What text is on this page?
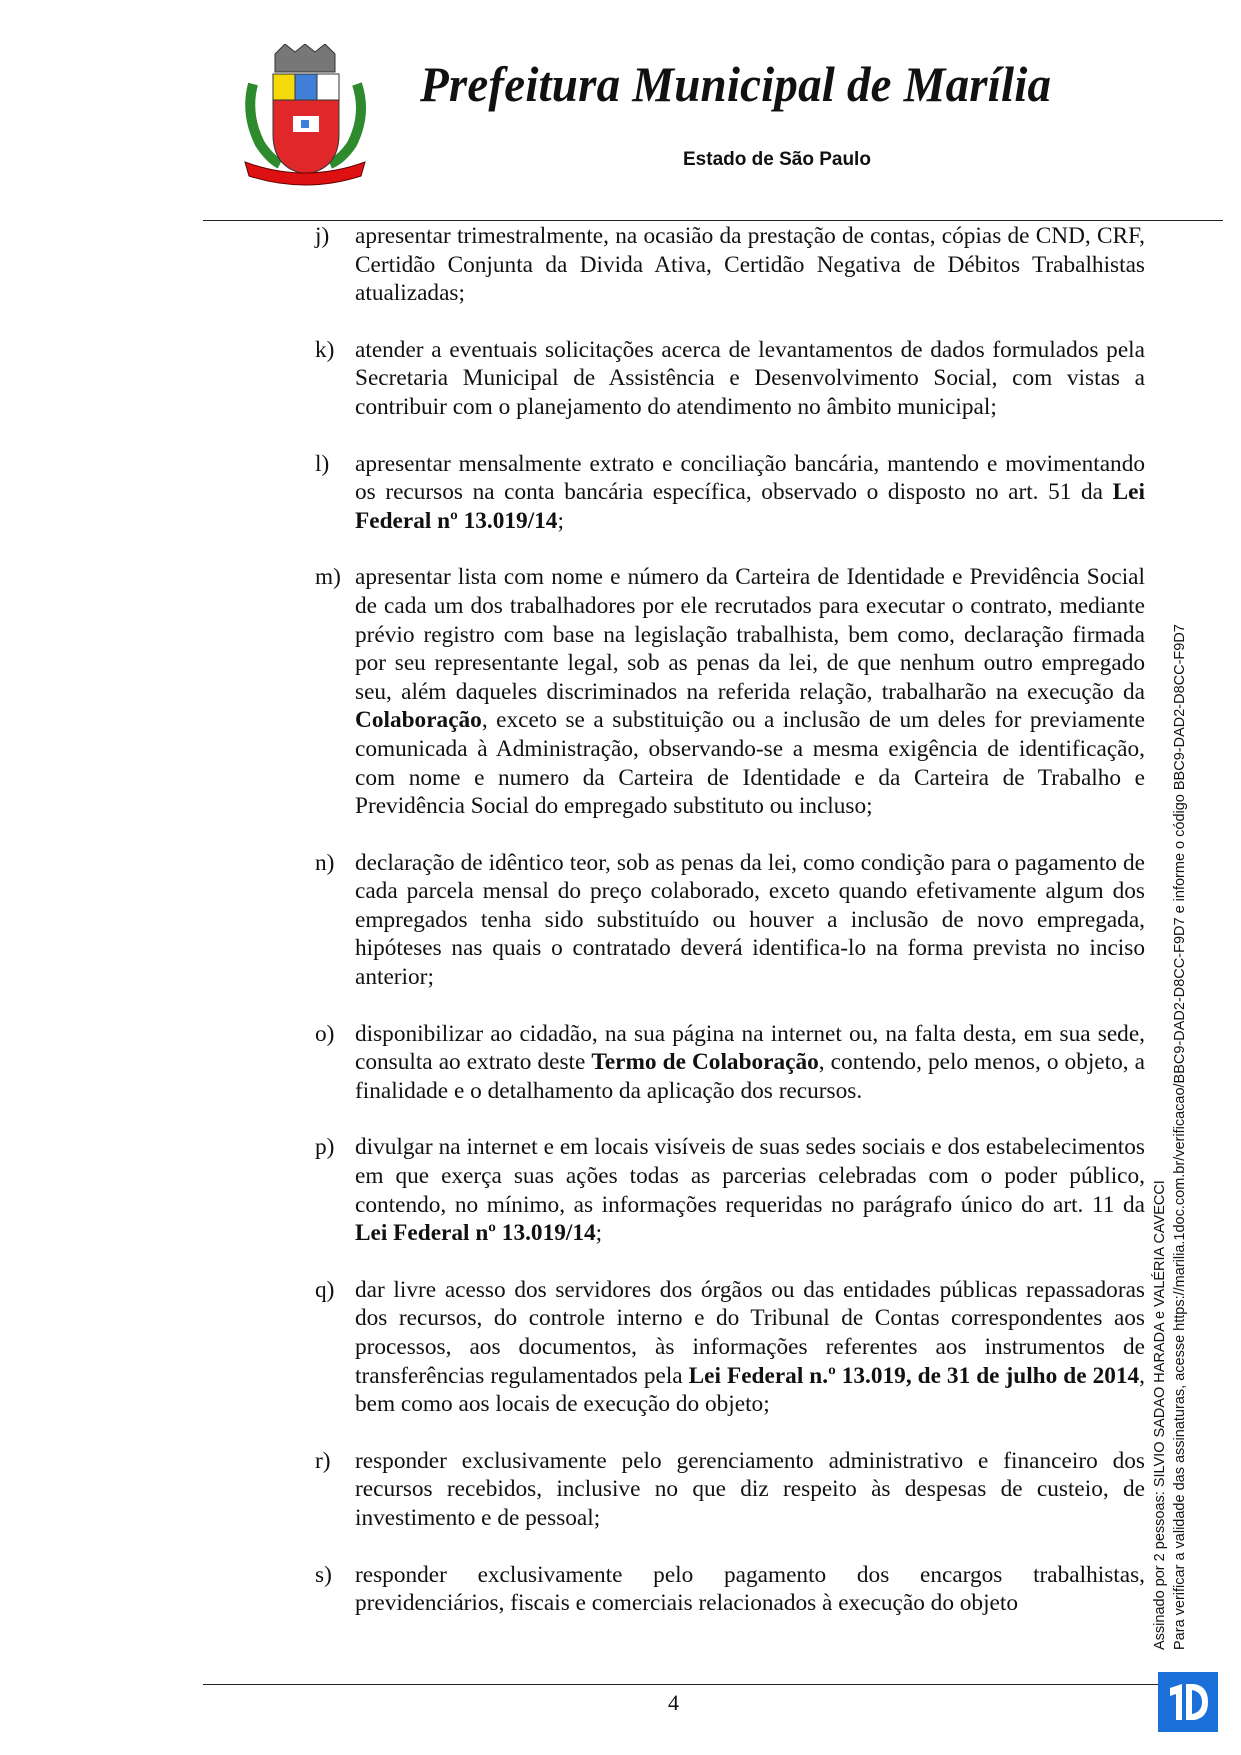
Prefeitura Municipal de Marília
Estado de São Paulo
j)	apresentar trimestralmente, na ocasião da prestação de contas, cópias de CND, CRF, Certidão Conjunta da Divida Ativa, Certidão Negativa de Débitos Trabalhistas atualizadas;
k) atender a eventuais solicitações acerca de levantamentos de dados formulados pela Secretaria Municipal de Assistência e Desenvolvimento Social, com vistas a contribuir com o planejamento do atendimento no âmbito municipal;
l)	apresentar mensalmente extrato e conciliação bancária, mantendo e movimentando os recursos na conta bancária específica, observado o disposto no art. 51 da Lei Federal nº 13.019/14;
m) apresentar lista com nome e número da Carteira de Identidade e Previdência Social de cada um dos trabalhadores por ele recrutados para executar o contrato, mediante prévio registro com base na legislação trabalhista, bem como, declaração firmada por seu representante legal, sob as penas da lei, de que nenhum outro empregado seu, além daqueles discriminados na referida relação, trabalharão na execução da Colaboração, exceto se a substituição ou a inclusão de um deles for previamente comunicada à Administração, observando-se a mesma exigência de identificação, com nome e numero da Carteira de Identidade e da Carteira de Trabalho e Previdência Social do empregado substituto ou incluso;
n) declaração de idêntico teor, sob as penas da lei, como condição para o pagamento de cada parcela mensal do preço colaborado, exceto quando efetivamente algum dos empregados tenha sido substituído ou houver a inclusão de novo empregada, hipóteses nas quais o contratado deverá identifica-lo na forma prevista no inciso anterior;
o) disponibilizar ao cidadão, na sua página na internet ou, na falta desta, em sua sede, consulta ao extrato deste Termo de Colaboração, contendo, pelo menos, o objeto, a finalidade e o detalhamento da aplicação dos recursos.
p) divulgar na internet e em locais visíveis de suas sedes sociais e dos estabelecimentos em que exerça suas ações todas as parcerias celebradas com o poder público, contendo, no mínimo, as informações requeridas no parágrafo único do art. 11 da Lei Federal nº 13.019/14;
q) dar livre acesso dos servidores dos órgãos ou das entidades públicas repassadoras dos recursos, do controle interno e do Tribunal de Contas correspondentes aos processos, aos documentos, às informações referentes aos instrumentos de transferências regulamentados pela Lei Federal n.º 13.019, de 31 de julho de 2014, bem como aos locais de execução do objeto;
r)	responder exclusivamente pelo gerenciamento administrativo e financeiro dos recursos recebidos, inclusive no que diz respeito às despesas de custeio, de investimento e de pessoal;
s) responder exclusivamente pelo pagamento dos encargos trabalhistas, previdenciários, fiscais e comerciais relacionados à execução do objeto
4
Assinado por 2 pessoas: SILVIO SADAO HARADA e VALÉRIA CAVECCI Para verificar a validade das assinaturas, acesse https://marilia.1doc.com.br/verificacao/BBC9-DAD2-D8CC-F9D7 e informe o código BBC9-DAD2-D8CC-F9D7
